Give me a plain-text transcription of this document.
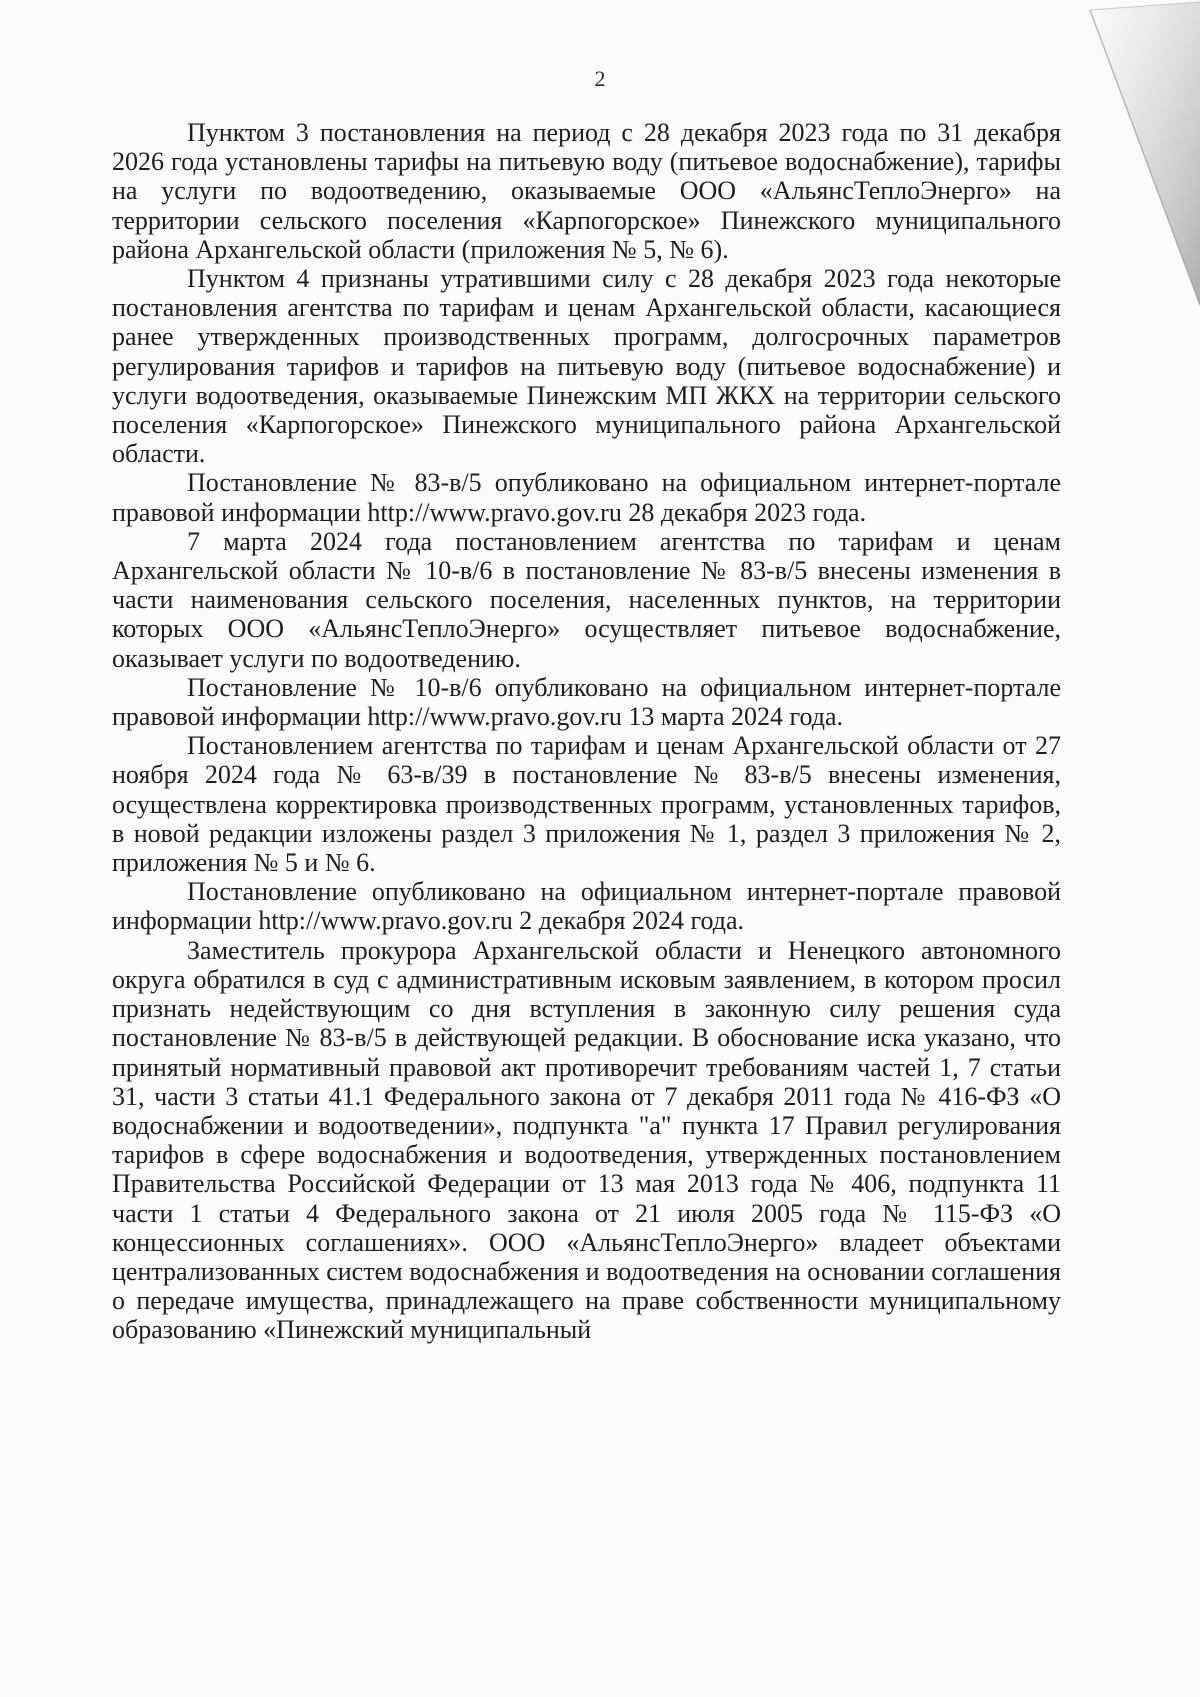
2

Пунктом 3 постановления на период с 28 декабря 2023 года по 31 декабря 2026 года установлены тарифы на питьевую воду (питьевое водоснабжение), тарифы на услуги по водоотведению, оказываемые ООО «АльянсТеплоЭнерго» на территории сельского поселения «Карпогорское» Пинежского муниципального района Архангельской области (приложения № 5, № 6).

Пунктом 4 признаны утратившими силу с 28 декабря 2023 года некоторые постановления агентства по тарифам и ценам Архангельской области, касающиеся ранее утвержденных производственных программ, долгосрочных параметров регулирования тарифов и тарифов на питьевую воду (питьевое водоснабжение) и услуги водоотведения, оказываемые Пинежским МП ЖКХ на территории сельского поселения «Карпогорское» Пинежского муниципального района Архангельской области.

Постановление № 83-в/5 опубликовано на официальном интернет-портале правовой информации http://www.pravo.gov.ru 28 декабря 2023 года.

7 марта 2024 года постановлением агентства по тарифам и ценам Архангельской области № 10-в/6 в постановление № 83-в/5 внесены изменения в части наименования сельского поселения, населенных пунктов, на территории которых ООО «АльянсТеплоЭнерго» осуществляет питьевое водоснабжение, оказывает услуги по водоотведению.

Постановление № 10-в/6 опубликовано на официальном интернет-портале правовой информации http://www.pravo.gov.ru 13 марта 2024 года.

Постановлением агентства по тарифам и ценам Архангельской области от 27 ноября 2024 года № 63-в/39 в постановление № 83-в/5 внесены изменения, осуществлена корректировка производственных программ, установленных тарифов, в новой редакции изложены раздел 3 приложения № 1, раздел 3 приложения № 2, приложения № 5 и № 6.

Постановление опубликовано на официальном интернет-портале правовой информации http://www.pravo.gov.ru 2 декабря 2024 года.

Заместитель прокурора Архангельской области и Ненецкого автономного округа обратился в суд с административным исковым заявлением, в котором просил признать недействующим со дня вступления в законную силу решения суда постановление № 83-в/5 в действующей редакции. В обоснование иска указано, что принятый нормативный правовой акт противоречит требованиям частей 1, 7 статьи 31, части 3 статьи 41.1 Федерального закона от 7 декабря 2011 года № 416-ФЗ «О водоснабжении и водоотведении», подпункта "а" пункта 17 Правил регулирования тарифов в сфере водоснабжения и водоотведения, утвержденных постановлением Правительства Российской Федерации от 13 мая 2013 года № 406, подпункта 11 части 1 статьи 4 Федерального закона от 21 июля 2005 года № 115-ФЗ «О концессионных соглашениях». ООО «АльянсТеплоЭнерго» владеет объектами централизованных систем водоснабжения и водоотведения на основании соглашения о передаче имущества, принадлежащего на праве собственности муниципальному образованию «Пинежский муниципальный
